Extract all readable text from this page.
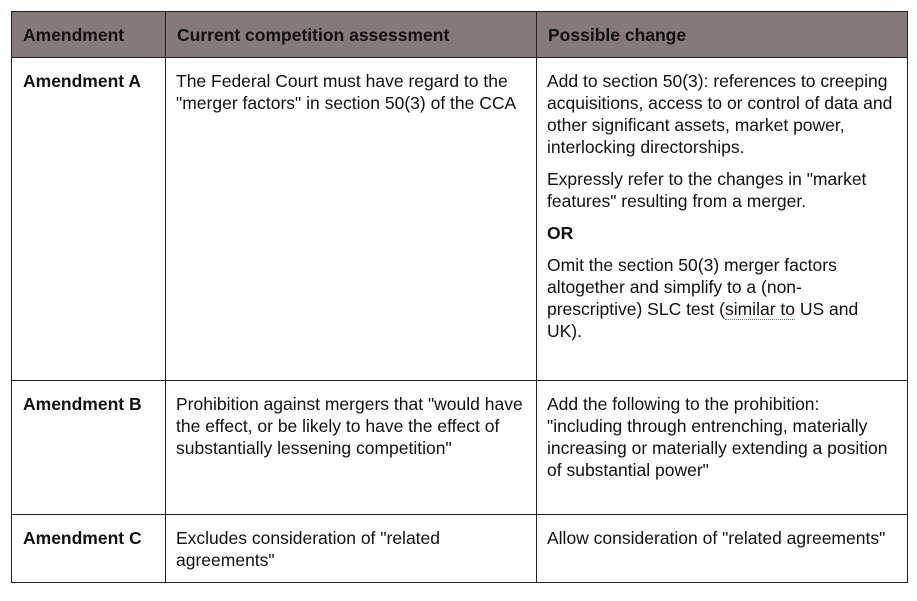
Amendment	Current competition assessment	Possible change
Amendment A	The Federal Court must have regard to the "merger factors" in section 50(3) of the CCA	Add to section 50(3): references to creeping acquisitions, access to or control of data and other significant assets, market power, interlocking directorships.

Expressly refer to the changes in "market features" resulting from a merger.

OR

Omit the section 50(3) merger factors altogether and simplify to a (non-prescriptive) SLC test (similar to US and UK).

Amendment B	Prohibition against mergers that "would have the effect, or be likely to have the effect of substantially lessening competition"	Add the following to the prohibition: "including through entrenching, materially increasing or materially extending a position of substantial power"
Amendment C	Excludes consideration of "related agreements"	Allow consideration of "related agreements"
